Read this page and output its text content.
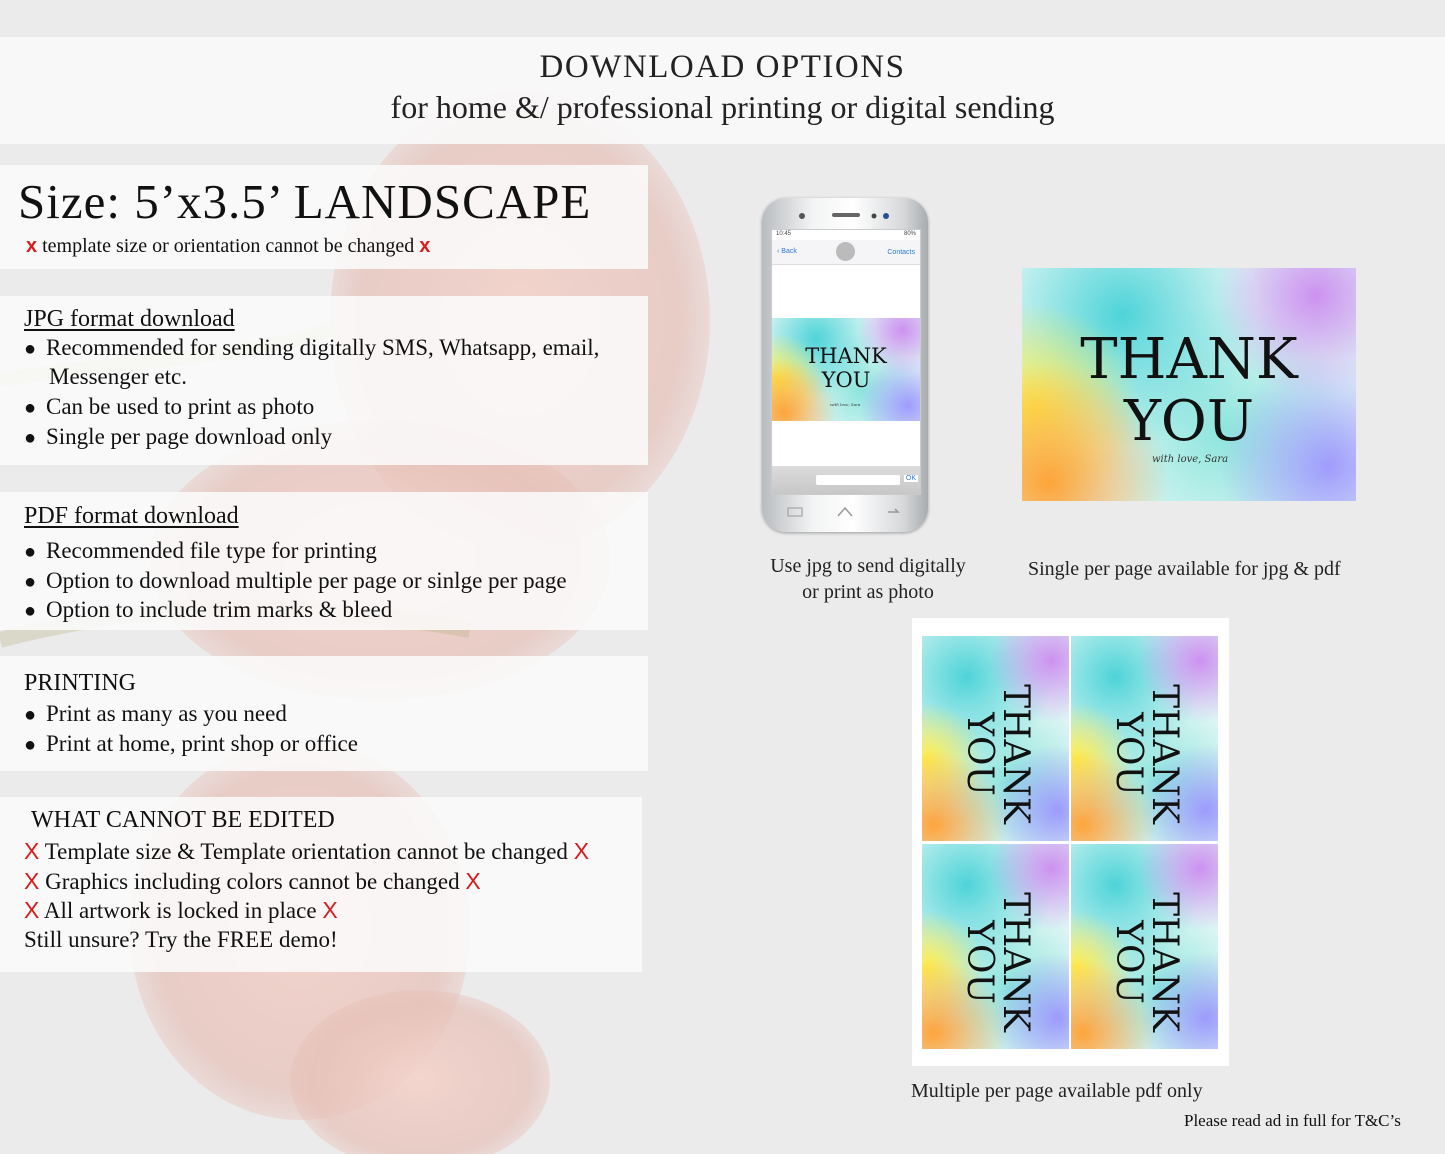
DOWNLOAD OPTIONS
for home &/ professional printing or digital sending
Size: 5’x3.5’ LANDSCAPE
x template size or orientation cannot be changed x
JPG format download
● Recommended for sending digitally SMS, Whatsapp, email,
Messenger etc.
● Can be used to print as photo
● Single per page download only
PDF format download
● Recommended file type for printing
● Option to download multiple per page or sinlge per page
● Option to include trim marks & bleed
PRINTING
● Print as many as you need
● Print at home, print shop or office
WHAT CANNOT BE EDITED
X Template size & Template orientation cannot be changed X
X Graphics including colors cannot be changed X
X All artwork is locked in place X
Still unsure? Try the FREE demo!
10:45	80%
‹ Back	Contacts
THANK
YOU
with love, Sara
OK
Use jpg to send digitally
or print as photo
THANK
YOU
with love, Sara
Single per page available for jpg & pdf
THANK
YOU	THANK
YOU
THANK
YOU	THANK
YOU
Multiple per page available pdf only
Please read ad in full for T&C’s
